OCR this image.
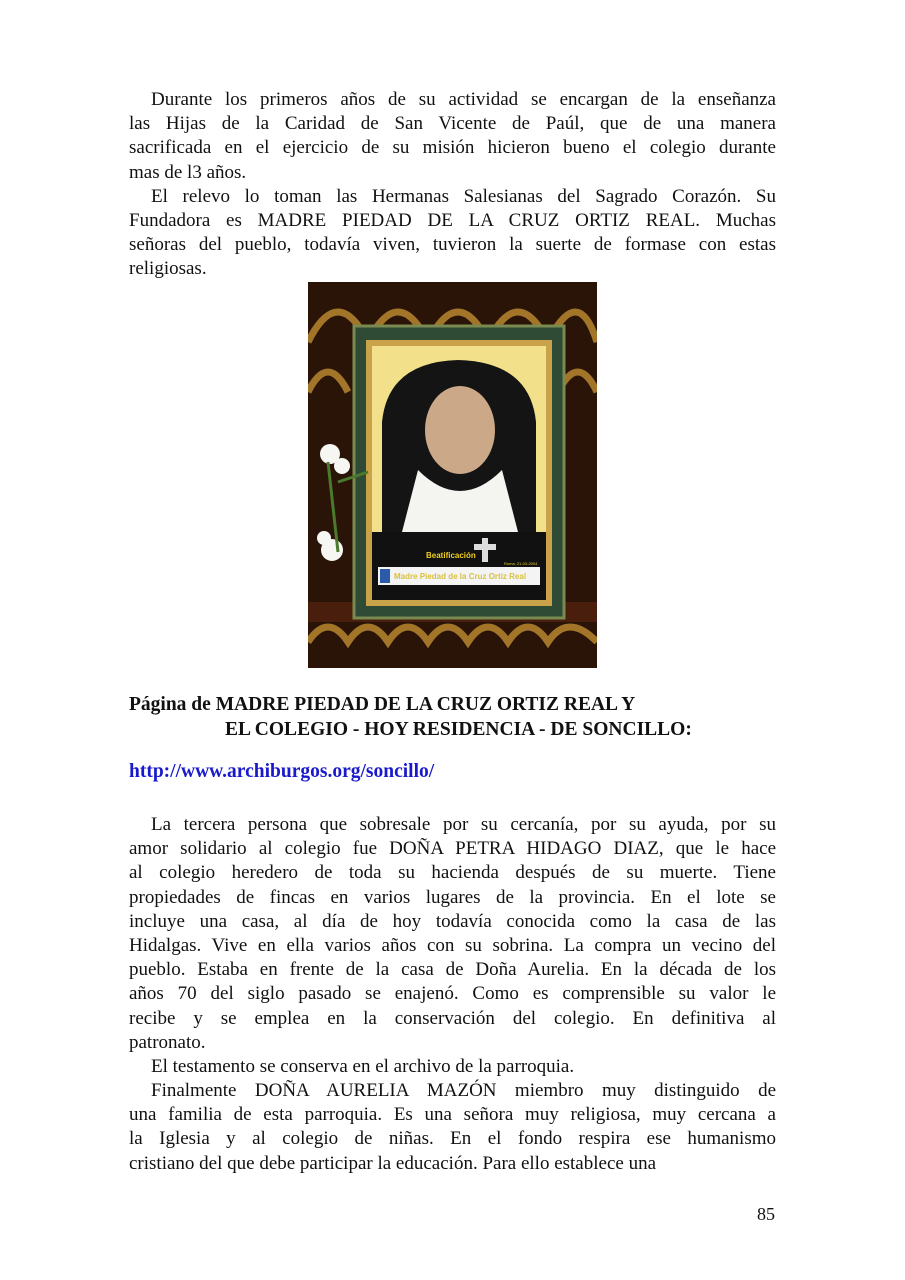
Durante los primeros años de su actividad se encargan de la enseñanza
las Hijas de la Caridad de San Vicente de Paúl, que de una manera
sacrificada en el ejercicio de su misión hicieron bueno el colegio durante
mas de l3 años.
El relevo lo toman las Hermanas Salesianas del Sagrado Corazón. Su
Fundadora es MADRE PIEDAD DE LA CRUZ ORTIZ REAL. Muchas
señoras del pueblo, todavía viven, tuvieron la suerte de formase con estas
religiosas.
Beatificación
Roma, 21-03-2004
Madre Piedad de la Cruz Ortiz Real
Página de MADRE PIEDAD DE LA CRUZ ORTIZ REAL Y
EL COLEGIO - HOY RESIDENCIA - DE SONCILLO:
http://www.archiburgos.org/soncillo/
La tercera persona que sobresale por su cercanía, por su ayuda, por su
amor solidario al colegio fue DOÑA PETRA HIDAGO DIAZ, que le hace
al colegio heredero de toda su hacienda después de su muerte. Tiene
propiedades de fincas en varios lugares de la provincia. En el lote se
incluye una casa, al día de hoy todavía conocida como la casa de las
Hidalgas. Vive en ella varios años con su sobrina. La compra un vecino del
pueblo. Estaba en frente de la casa de Doña Aurelia. En la década de los
años 70 del siglo pasado se enajenó. Como es comprensible su valor le
recibe y se emplea en la conservación del colegio. En definitiva al
patronato.
El testamento se conserva en el archivo de la parroquia.
Finalmente DOÑA AURELIA MAZÓN miembro muy distinguido de
una familia de esta parroquia. Es una señora muy religiosa, muy cercana a
la Iglesia y al colegio de niñas. En el fondo respira ese humanismo
cristiano del que debe participar la educación. Para ello establece una
85
